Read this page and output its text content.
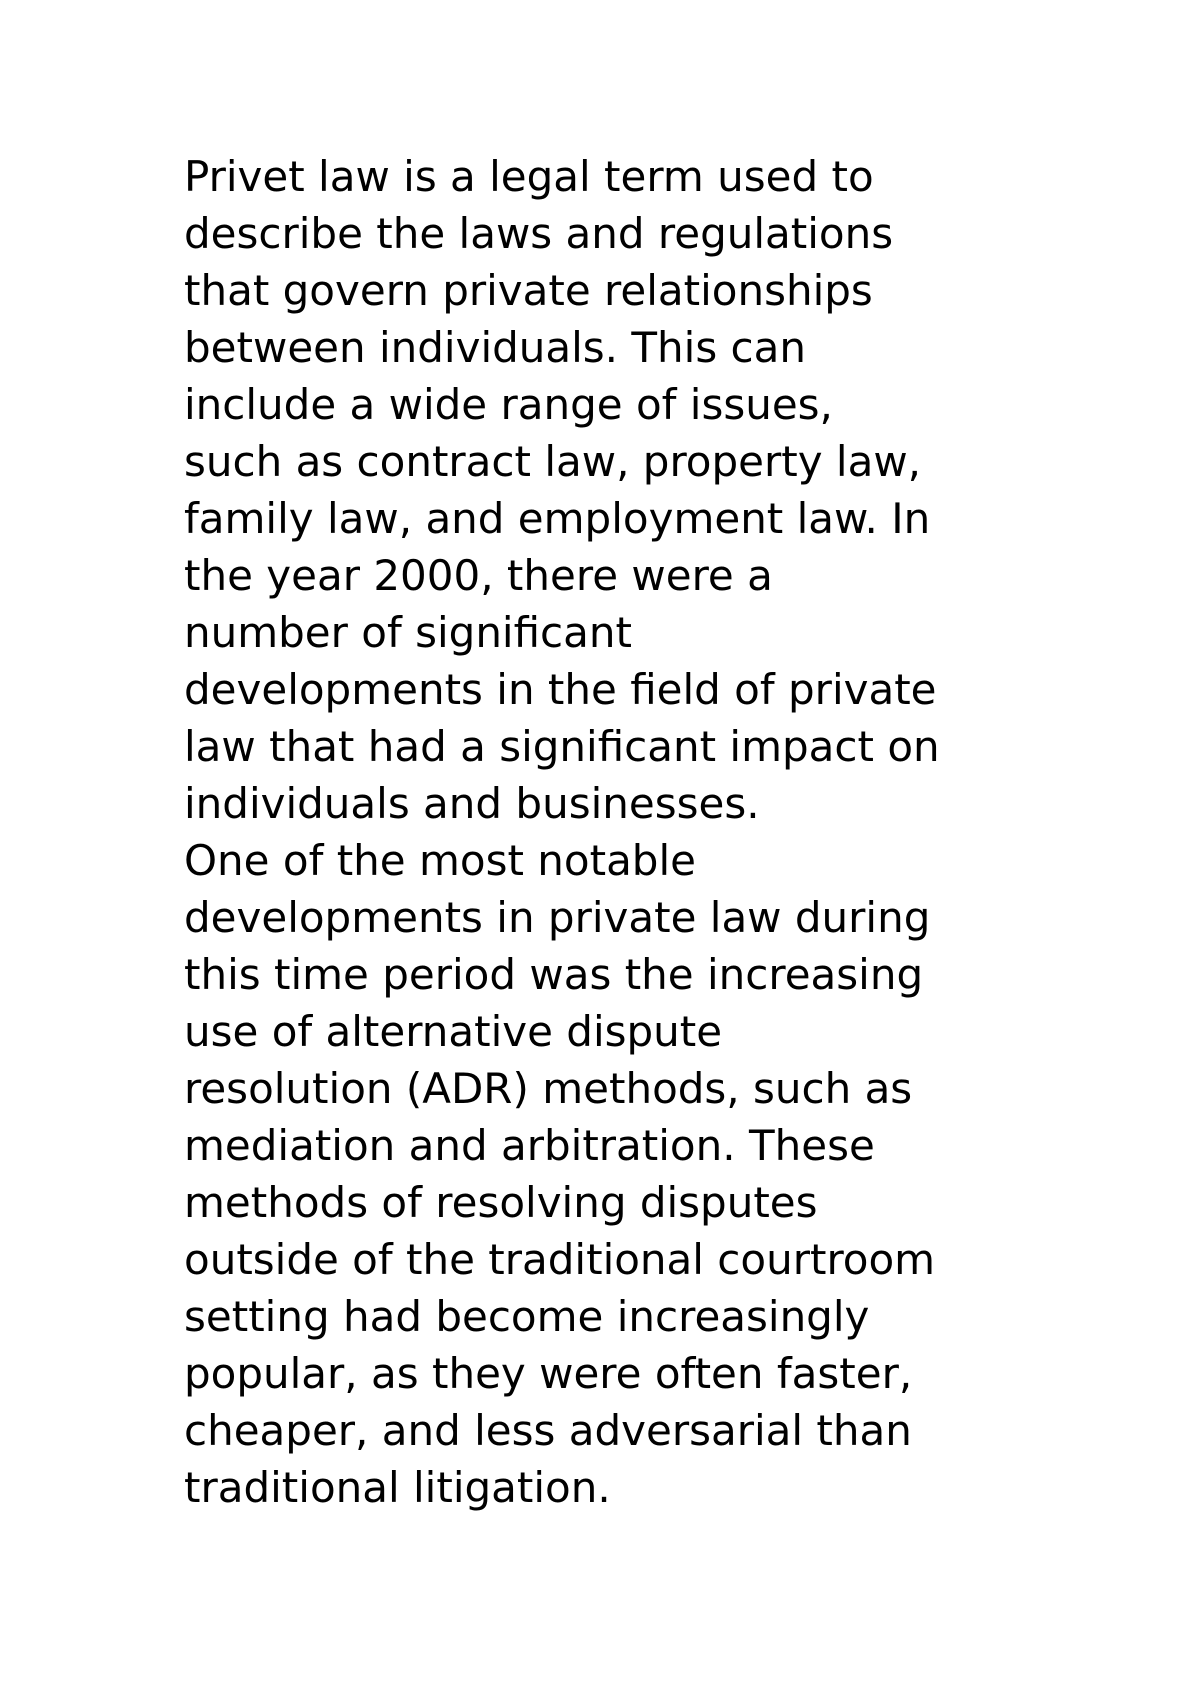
Privet law is a legal term used to
describe the laws and regulations
that govern private relationships
between individuals. This can
include a wide range of issues,
such as contract law, property law,
family law, and employment law. In
the year 2000, there were a
number of significant
developments in the field of private
law that had a significant impact on
individuals and businesses.
One of the most notable
developments in private law during
this time period was the increasing
use of alternative dispute
resolution (ADR) methods, such as
mediation and arbitration. These
methods of resolving disputes
outside of the traditional courtroom
setting had become increasingly
popular, as they were often faster,
cheaper, and less adversarial than
traditional litigation.
